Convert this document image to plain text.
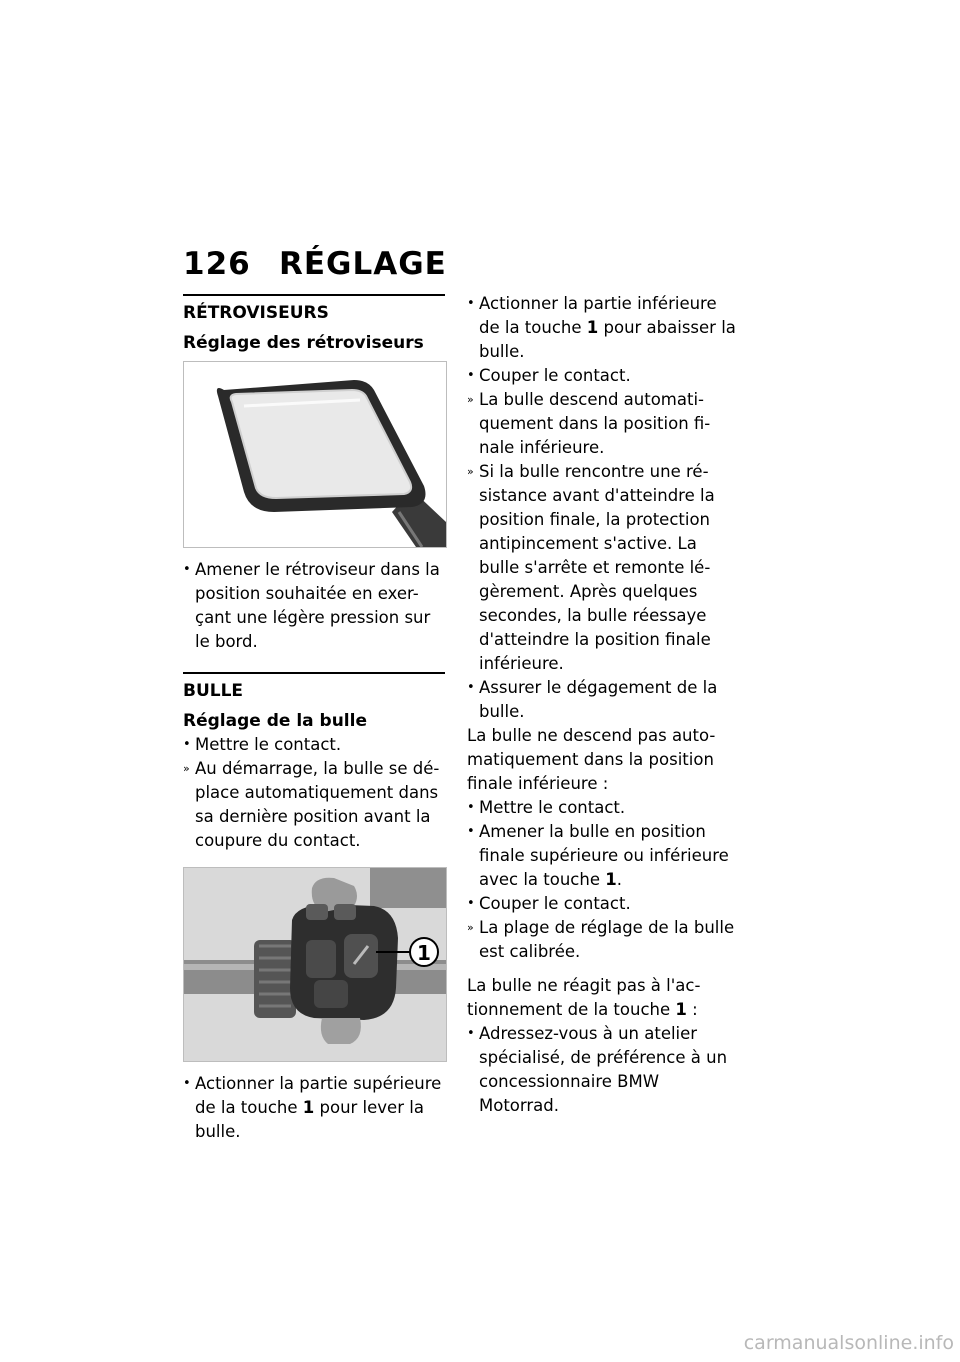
126 RÉGLAGE
RÉTROVISEURS
Réglage des rétroviseurs
• Amener le rétroviseur dans la position souhaitée en exer-çant une légère pression sur le bord.
BULLE
Réglage de la bulle
• Mettre le contact.
» Au démarrage, la bulle se dé-place automatiquement dans sa dernière position avant la coupure du contact.
1
• Actionner la partie supérieure de la touche 1 pour lever la bulle.
• Actionner la partie inférieure de la touche 1 pour abaisser la bulle.
• Couper le contact.
» La bulle descend automati-quement dans la position fi-nale inférieure.
» Si la bulle rencontre une ré-sistance avant d'atteindre la position finale, la protection antipincement s'active. La bulle s'arrête et remonte lé-gèrement. Après quelques secondes, la bulle réessaye d'atteindre la position finale inférieure.
• Assurer le dégagement de la bulle.

La bulle ne descend pas auto-matiquement dans la position finale inférieure :

• Mettre le contact.
• Amener la bulle en position finale supérieure ou inférieure avec la touche 1.
• Couper le contact.
» La plage de réglage de la bulle est calibrée.

La bulle ne réagit pas à l'ac-tionnement de la touche 1 :

• Adressez-vous à un atelier spécialisé, de préférence à un concessionnaire BMW Motorrad.
carmanualsonline.info
